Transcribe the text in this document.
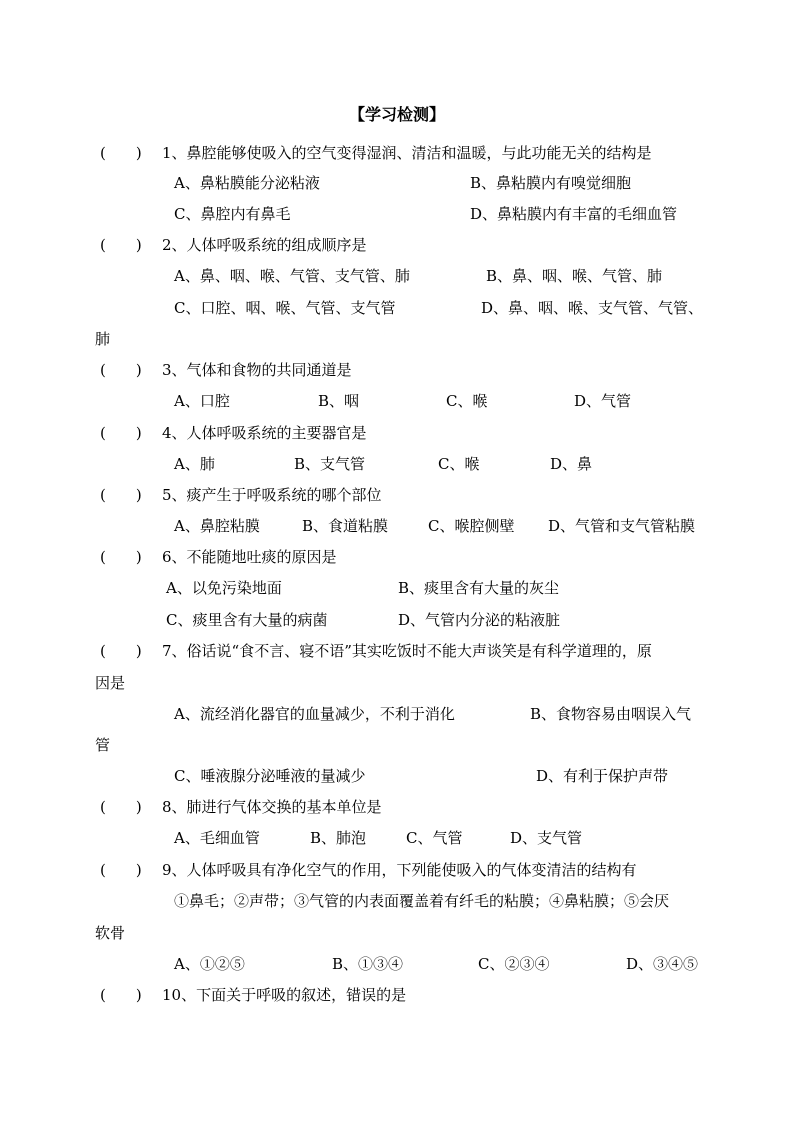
【学习检测】
(　　) 1、鼻腔能够使吸入的空气变得湿润、清洁和温暖，与此功能无关的结构是
A、鼻粘膜能分泌粘液	B、鼻粘膜内有嗅觉细胞
C、鼻腔内有鼻毛	D、鼻粘膜内有丰富的毛细血管
(　　) 2、人体呼吸系统的组成顺序是
A、鼻、咽、喉、气管、支气管、肺	B、鼻、咽、喉、气管、肺
C、口腔、咽、喉、气管、支气管	D、鼻、咽、喉、支气管、气管、
肺
(　　) 3、气体和食物的共同通道是
A、口腔	B、咽	C、喉	D、气管
(　　) 4、人体呼吸系统的主要器官是
A、肺	B、支气管	C、喉	D、鼻
(　　) 5、痰产生于呼吸系统的哪个部位
A、鼻腔粘膜	B、食道粘膜	C、喉腔侧壁 D、气管和支气管粘膜
(　　) 6、不能随地吐痰的原因是
A、以免污染地面	B、痰里含有大量的灰尘
C、痰里含有大量的病菌	D、气管内分泌的粘液脏
(　　) 7、俗话说“食不言、寝不语”其实吃饭时不能大声谈笑是有科学道理的，原
因是
A、流经消化器官的血量减少，不利于消化	B、食物容易由咽误入气
管
C、唾液腺分泌唾液的量减少	D、有利于保护声带
(　　) 8、肺进行气体交换的基本单位是
A、毛细血管	B、肺泡	C、气管	D、支气管
(　　) 9、人体呼吸具有净化空气的作用，下列能使吸入的气体变清洁的结构有
①鼻毛；②声带；③气管的内表面覆盖着有纤毛的粘膜；④鼻粘膜；⑤会厌
软骨
A、①②⑤	B、①③④	C、②③④	D、③④⑤
(　　) 10、下面关于呼吸的叙述，错误的是
